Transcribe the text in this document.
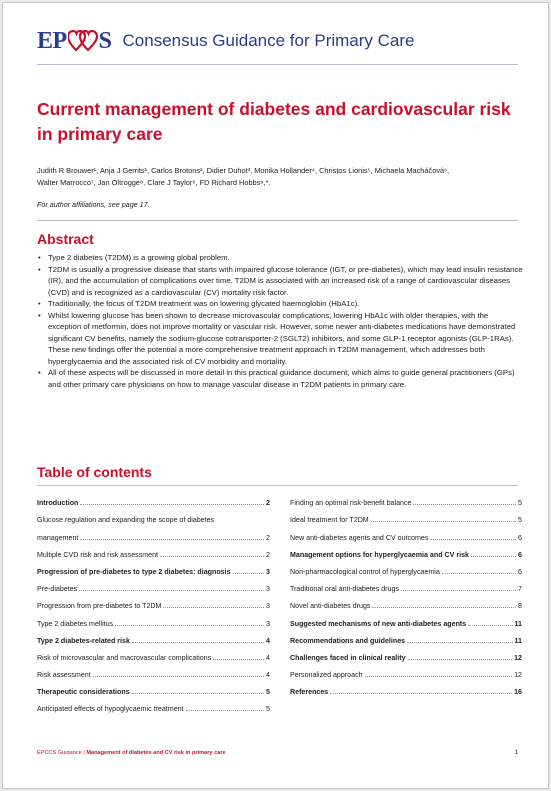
EP S Consensus Guidance for Primary Care
Current management of diabetes and cardiovascular risk
in primary care

Judith R Brouwer¹, Anja J Gerrits¹, Carlos Brotons², Didier Duhot³, Monika Hollander⁴, Christos Lionis⁵, Michaela Macháčová⁶,
Walter Marrocco⁷, Jan Oltrogge⁸, Clare J Taylor⁹, FD Richard Hobbs⁹,*.

For author affiliations, see page 17.

Abstract
• Type 2 diabetes (T2DM) is a growing global problem.
• T2DM is usually a progressive disease that starts with impaired glucose tolerance (IGT, or pre-diabetes), which may lead insulin resistance (IR), and the accumulation of complications over time. T2DM is associated with an increased risk of a range of cardiovascular diseases (CVD) and is recognized as a cardiovascular (CV) mortality risk factor.
• Traditionally, the focus of T2DM treatment was on lowering glycated haemoglobin (HbA1c).
• Whilst lowering glucose has been shown to decrease microvascular complications, lowering HbA1c with older therapies, with the exception of metformin, does not improve mortality or vascular risk. However, some newer anti-diabetes medications have demonstrated significant CV benefits, namely the sodium-glucose cotransporter-2 (SGLT2) inhibitors, and some GLP-1 receptor agonists (GLP-1RAs). These new findings offer the potential a more comprehensive treatment approach in T2DM management, which addresses both hyperglycaemia and the associated risk of CV morbidity and mortality.
• All of these aspects will be discussed in more detail in this practical guidance document, which aims to guide general practitioners (GPs) and other primary care physicians on how to manage vascular disease in T2DM patients in primary care.
Table of contents
Introduction	2
Glucose regulation and expanding the scope of diabetes
management	2
Multiple CVD risk and risk assessment	2
Progression of pre-diabetes to type 2 diabetes: diagnosis	3
Pre-diabetes	3
Progression from pre-diabetes to T2DM	3
Type 2 diabetes mellitus	3
Type 2 diabetes-related risk	4
Risk of microvascular and macrovascular complications	4
Risk assessment	4
Therapeutic considerations	5
Anticipated effects of hypoglycaemic treatment	5
Finding an optimal risk-benefit balance	5
Ideal treatment for T2DM	5
New anti-diabetes agents and CV outcomes	6
Management options for hyperglycaemia and CV risk	6
Non-pharmacological control of hyperglycaemia	6
Traditional oral anti-diabetes drugs	7
Novel anti-diabetes drugs	8
Suggested mechanisms of new anti-diabetes agents	11
Recommendations and guidelines	11
Challenges faced in clinical reality	12
Personalized approach	12
References	16
EPCCS Guidance | Management of diabetes and CV risk in primary care	1
